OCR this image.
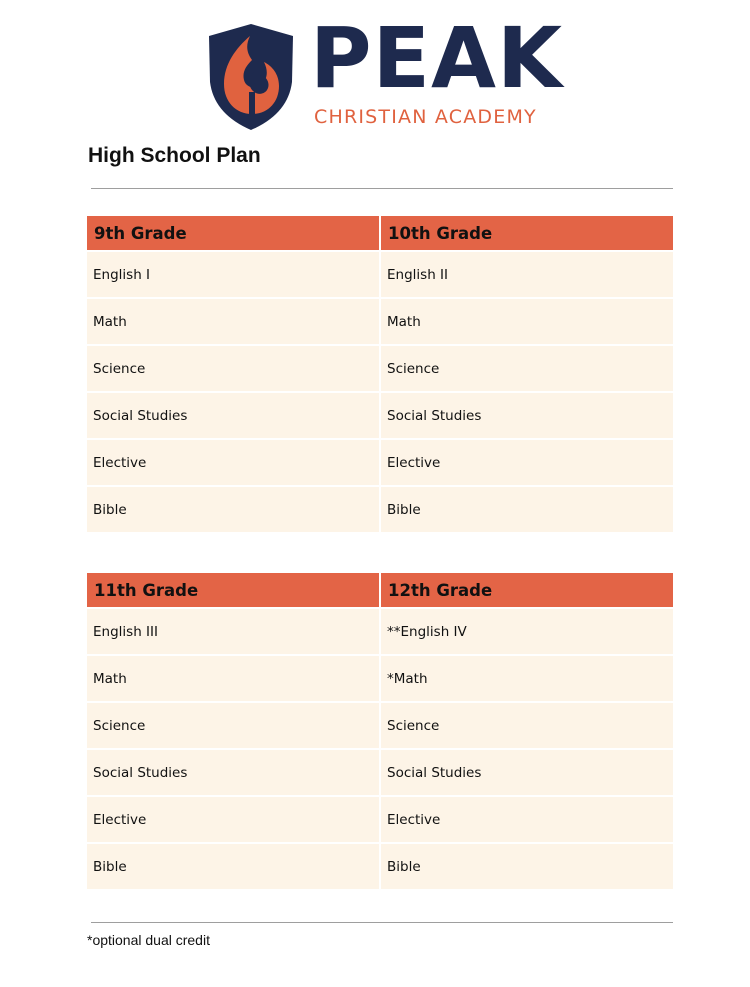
PEAK
CHRISTIAN ACADEMY
High School Plan
9th Grade	10th Grade
English I	English II
Math	Math
Science	Science
Social Studies	Social Studies
Elective	Elective
Bible	Bible
11th Grade	12th Grade
English III	**English IV
Math	*Math
Science	Science
Social Studies	Social Studies
Elective	Elective
Bible	Bible
*optional dual credit
